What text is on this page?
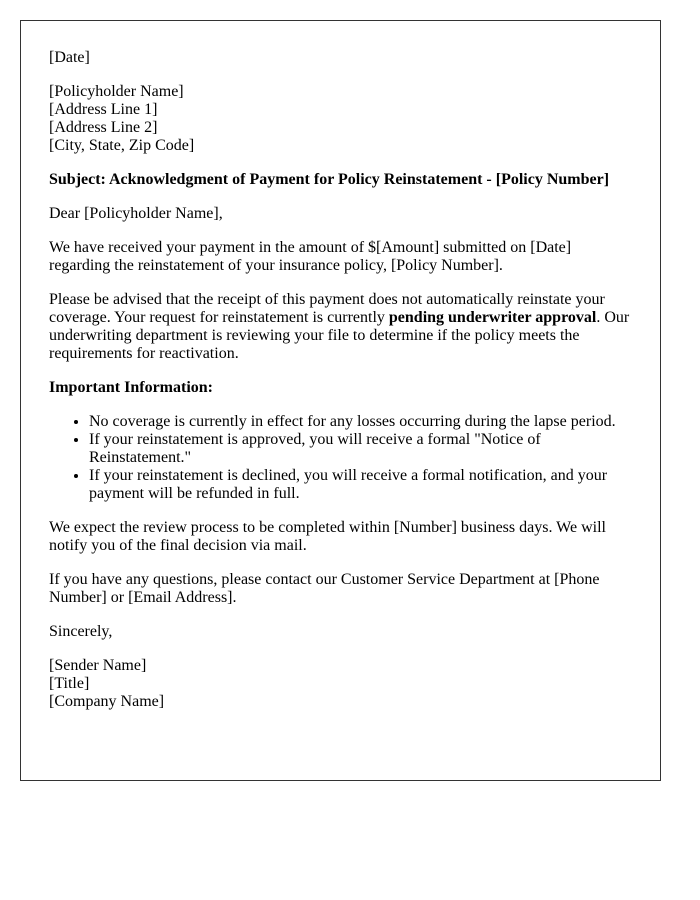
[Date]

[Policyholder Name]
[Address Line 1]
[Address Line 2]
[City, State, Zip Code]

Subject: Acknowledgment of Payment for Policy Reinstatement - [Policy Number]

Dear [Policyholder Name],

We have received your payment in the amount of $[Amount] submitted on [Date] regarding the reinstatement of your insurance policy, [Policy Number].

Please be advised that the receipt of this payment does not automatically reinstate your coverage. Your request for reinstatement is currently pending underwriter approval. Our underwriting department is reviewing your file to determine if the policy meets the requirements for reactivation.

Important Information:

• No coverage is currently in effect for any losses occurring during the lapse period.
• If your reinstatement is approved, you will receive a formal "Notice of Reinstatement."
• If your reinstatement is declined, you will receive a formal notification, and your payment will be refunded in full.

We expect the review process to be completed within [Number] business days. We will notify you of the final decision via mail.

If you have any questions, please contact our Customer Service Department at [Phone Number] or [Email Address].

Sincerely,

[Sender Name]
[Title]
[Company Name]
